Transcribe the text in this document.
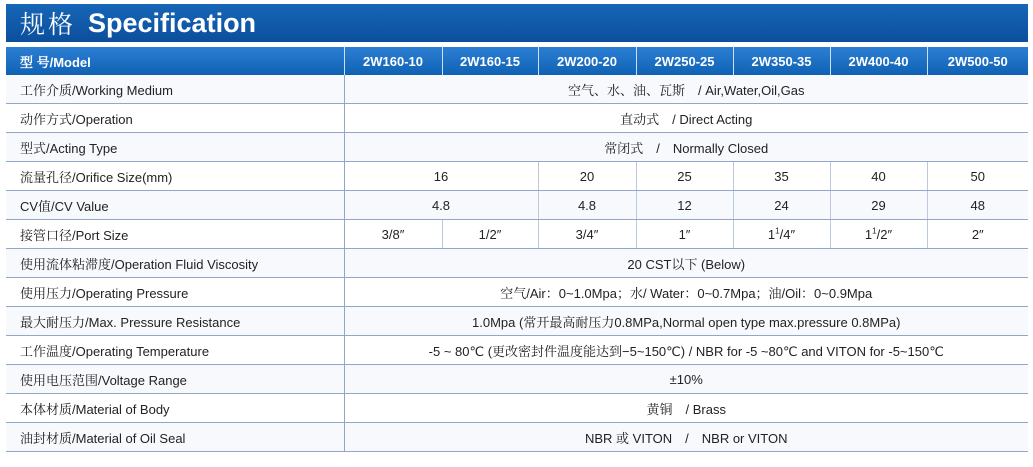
规格 Specification
型 号/Model	2W160-10	2W160-15	2W200-20	2W250-25	2W350-35	2W400-40	2W500-50
工作介质/Working Medium	空气、水、油、瓦斯　/ Air,Water,Oil,Gas						
动作方式/Operation	直动式　/ Direct Acting						
型式/Acting Type	常闭式　/　Normally Closed						
流量孔径/Orifice Size(mm)	16		20	25	35	40	50
CV值/CV Value	4.8		4.8	12	24	29	48
接管口径/Port Size	3/8″	1/2″	3/4″	1″	$1^1/4''$	$1^1/2''$	2″
使用流体粘滞度/Operation Fluid Viscosity	20 CST以下 (Below)						
使用压力/Operating Pressure	空气/Air：0~1.0Mpa；水/ Water：0~0.7Mpa；油/Oil：0~0.9Mpa						
最大耐压力/Max. Pressure Resistance	1.0Mpa (常开最高耐压力0.8MPa,Normal open type max.pressure 0.8MPa)						
工作温度/Operating Temperature	-5 ~ 80℃ (更改密封件温度能达到−5~150℃) / NBR for -5 ~80℃ and VITON for -5~150℃						
使用电压范围/Voltage Range	±10%						
本体材质/Material of Body	黄铜　/ Brass						
油封材质/Material of Oil Seal	NBR 或 VITON　/　NBR or VITON						
